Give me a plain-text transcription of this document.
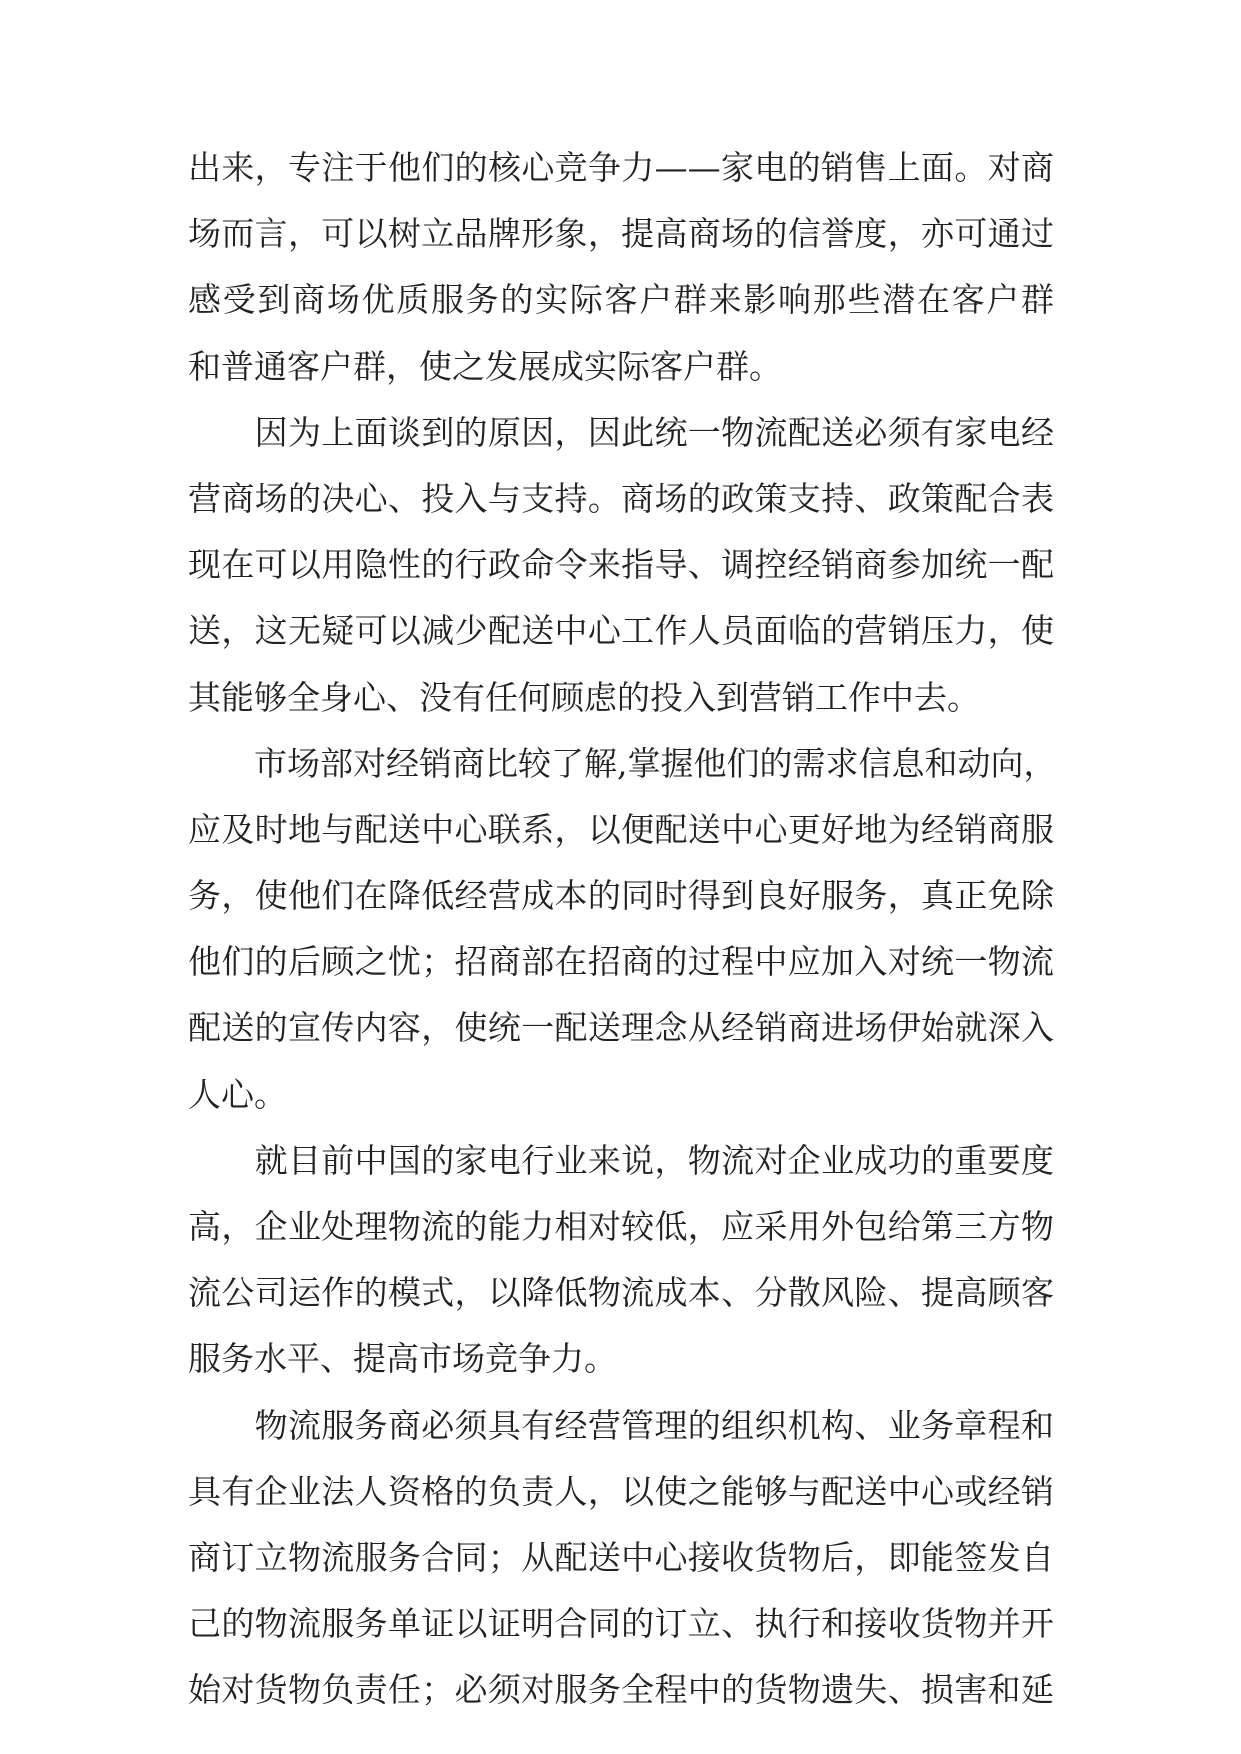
出来，专注于他们的核心竞争力——家电的销售上面。对商
场而言，可以树立品牌形象，提高商场的信誉度，亦可通过
感受到商场优质服务的实际客户群来影响那些潜在客户群
和普通客户群，使之发展成实际客户群。
　　因为上面谈到的原因，因此统一物流配送必须有家电经
营商场的决心、投入与支持。商场的政策支持、政策配合表
现在可以用隐性的行政命令来指导、调控经销商参加统一配
送，这无疑可以减少配送中心工作人员面临的营销压力，使
其能够全身心、没有任何顾虑的投入到营销工作中去。
　　市场部对经销商比较了解,掌握他们的需求信息和动向，
应及时地与配送中心联系，以便配送中心更好地为经销商服
务，使他们在降低经营成本的同时得到良好服务，真正免除
他们的后顾之忧；招商部在招商的过程中应加入对统一物流
配送的宣传内容，使统一配送理念从经销商进场伊始就深入
人心。
　　就目前中国的家电行业来说，物流对企业成功的重要度
高，企业处理物流的能力相对较低，应采用外包给第三方物
流公司运作的模式，以降低物流成本、分散风险、提高顾客
服务水平、提高市场竞争力。
　　物流服务商必须具有经营管理的组织机构、业务章程和
具有企业法人资格的负责人，以使之能够与配送中心或经销
商订立物流服务合同；从配送中心接收货物后，即能签发自
己的物流服务单证以证明合同的订立、执行和接收货物并开
始对货物负责任；必须对服务全程中的货物遗失、损害和延
